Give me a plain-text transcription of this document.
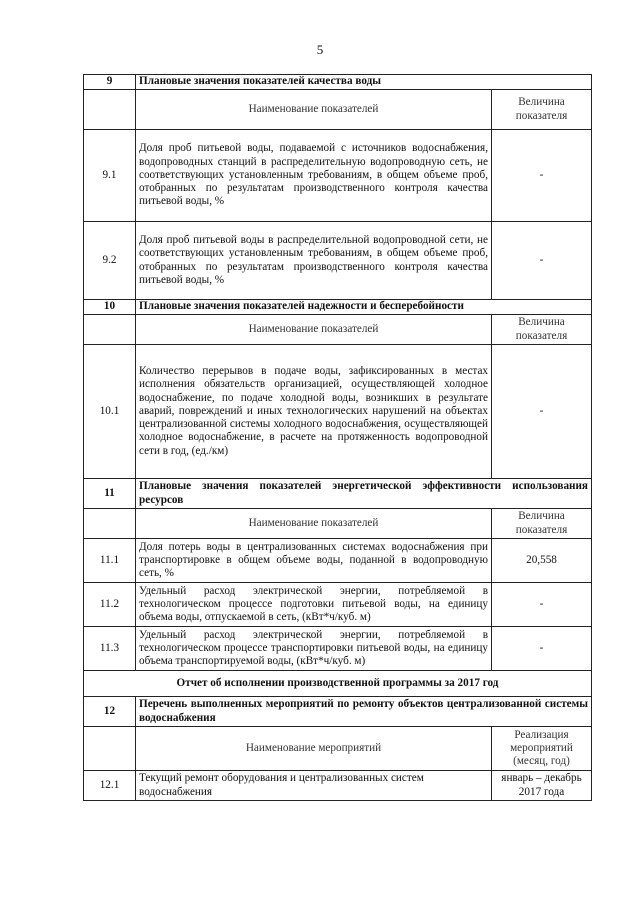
5
9	Плановые значения показателей качества воды	
	Наименование показателей	Величина показателя
9.1	Доля проб питьевой воды, подаваемой с источников водоснабжения, водопроводных станций в распределительную водопроводную сеть, не соответствующих установленным требованиям, в общем объеме проб, отобранных по результатам производственного контроля качества питьевой воды, %	-
9.2	Доля проб питьевой воды в распределительной водопроводной сети, не соответствующих установленным требованиям, в общем объеме проб, отобранных по результатам производственного контроля качества питьевой воды, %	-
10	Плановые значения показателей надежности и бесперебойности	
	Наименование показателей	Величина показателя
10.1	Количество перерывов в подаче воды, зафиксированных в местах исполнения обязательств организацией, осуществляющей холодное водоснабжение, по подаче холодной воды, возникших в результате аварий, повреждений и иных технологических нарушений на объектах централизованной системы холодного водоснабжения, осуществляющей холодное водоснабжение, в расчете на протяженность водопроводной сети в год, (ед./км)	-
11	Плановые значения показателей энергетической эффективности использования ресурсов	
	Наименование показателей	Величина показателя
11.1	Доля потерь воды в централизованных системах водоснабжения при транспортировке в общем объеме воды, поданной в водопроводную сеть, %	20,558
11.2	Удельный расход электрической энергии, потребляемой в технологическом процессе подготовки питьевой воды, на единицу объема воды, отпускаемой в сеть, (кВт*ч/куб. м)	-
11.3	Удельный расход электрической энергии, потребляемой в технологическом процессе транспортировки питьевой воды, на единицу объема транспортируемой воды, (кВт*ч/куб. м)	-
Отчет об исполнении производственной программы за 2017 год		
12	Перечень выполненных мероприятий по ремонту объектов централизованной системы водоснабжения	
	Наименование мероприятий	Реализация мероприятий (месяц, год)
12.1	Текущий ремонт оборудования и централизованных систем водоснабжения	январь – декабрь 2017 года
